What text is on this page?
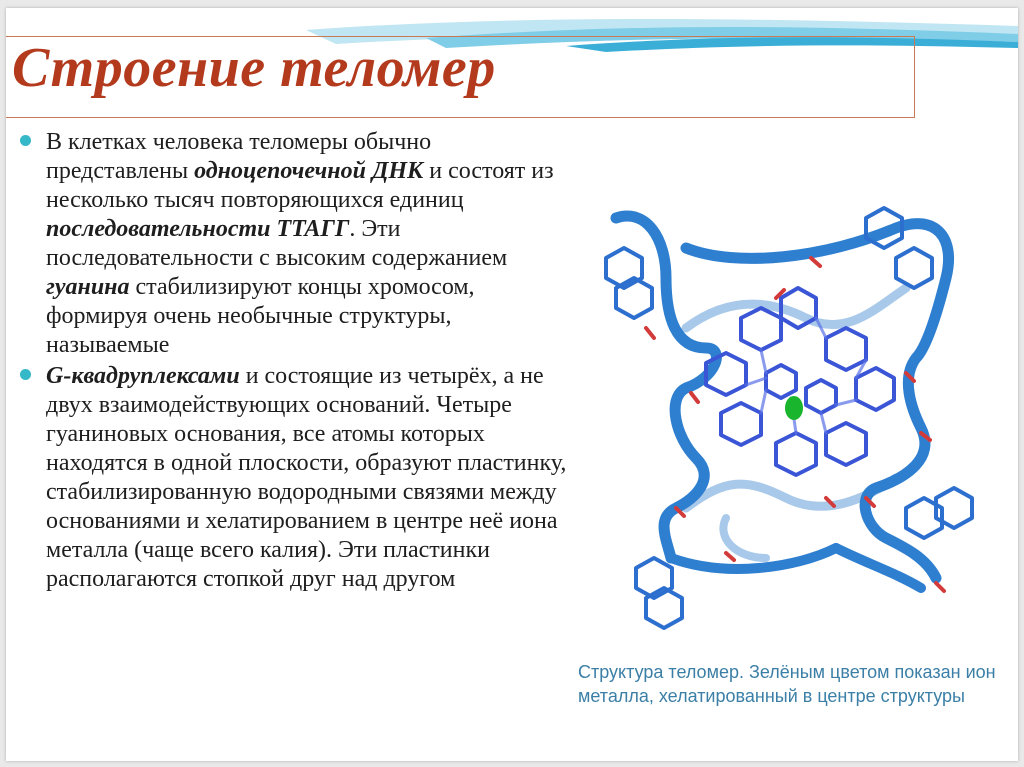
Строение теломер

В клетках человека теломеры обычно представлены одноцепочечной ДНК и состоят из несколько тысяч повторяющихся единиц последовательности ТТАГГ. Эти последовательности с высоким содержанием гуанина стабилизируют концы хромосом, формируя очень необычные структуры, называемые

G-квадруплексами и состоящие из четырёх, а не двух взаимодействующих оснований. Четыре гуаниновых основания, все атомы которых находятся в одной плоскости, образуют пластинку, стабилизированную водородными связями между основаниями и хелатированием в центре неё иона металла (чаще всего калия). Эти пластинки располагаются стопкой друг над другом

Структура теломер. Зелёным цветом показан ион металла, хелатированный в центре структуры
